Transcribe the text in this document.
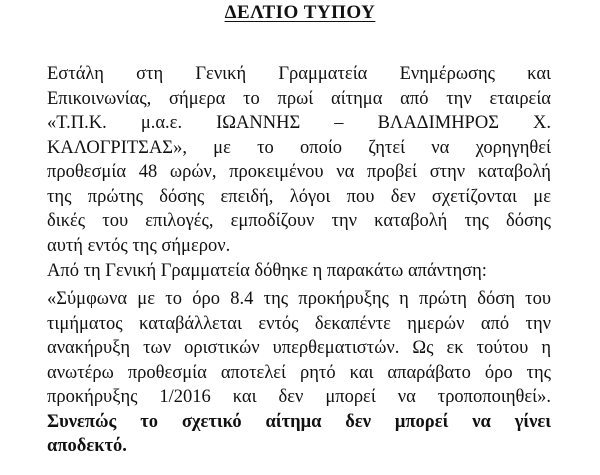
ΔΕΛΤΙΟ ΤΥΠΟΥ
Εστάλη στη Γενική Γραμματεία Ενημέρωσης και
Επικοινωνίας, σήμερα το πρωί αίτημα από την εταιρεία
«Τ.Π.Κ. μ.α.ε. ΙΩΑΝΝΗΣ – ΒΛΑΔΙΜΗΡΟΣ Χ.
ΚΑΛΟΓΡΙΤΣΑΣ», με το οποίο ζητεί να χορηγηθεί
προθεσμία 48 ωρών, προκειμένου να προβεί στην καταβολή
της πρώτης δόσης επειδή, λόγοι που δεν σχετίζονται με
δικές του επιλογές, εμποδίζουν την καταβολή της δόσης
αυτή εντός της σήμερον.
Από τη Γενική Γραμματεία δόθηκε η παρακάτω απάντηση:
«Σύμφωνα με το όρο 8.4 της προκήρυξης η πρώτη δόση του
τιμήματος καταβάλλεται εντός δεκαπέντε ημερών από την
ανακήρυξη των οριστικών υπερθεματιστών. Ως εκ τούτου η
ανωτέρω προθεσμία αποτελεί ρητό και απαράβατο όρο της
προκήρυξης 1/2016 και δεν μπορεί να τροποποιηθεί».
Συνεπώς το σχετικό αίτημα δεν μπορεί να γίνει
αποδεκτό.
